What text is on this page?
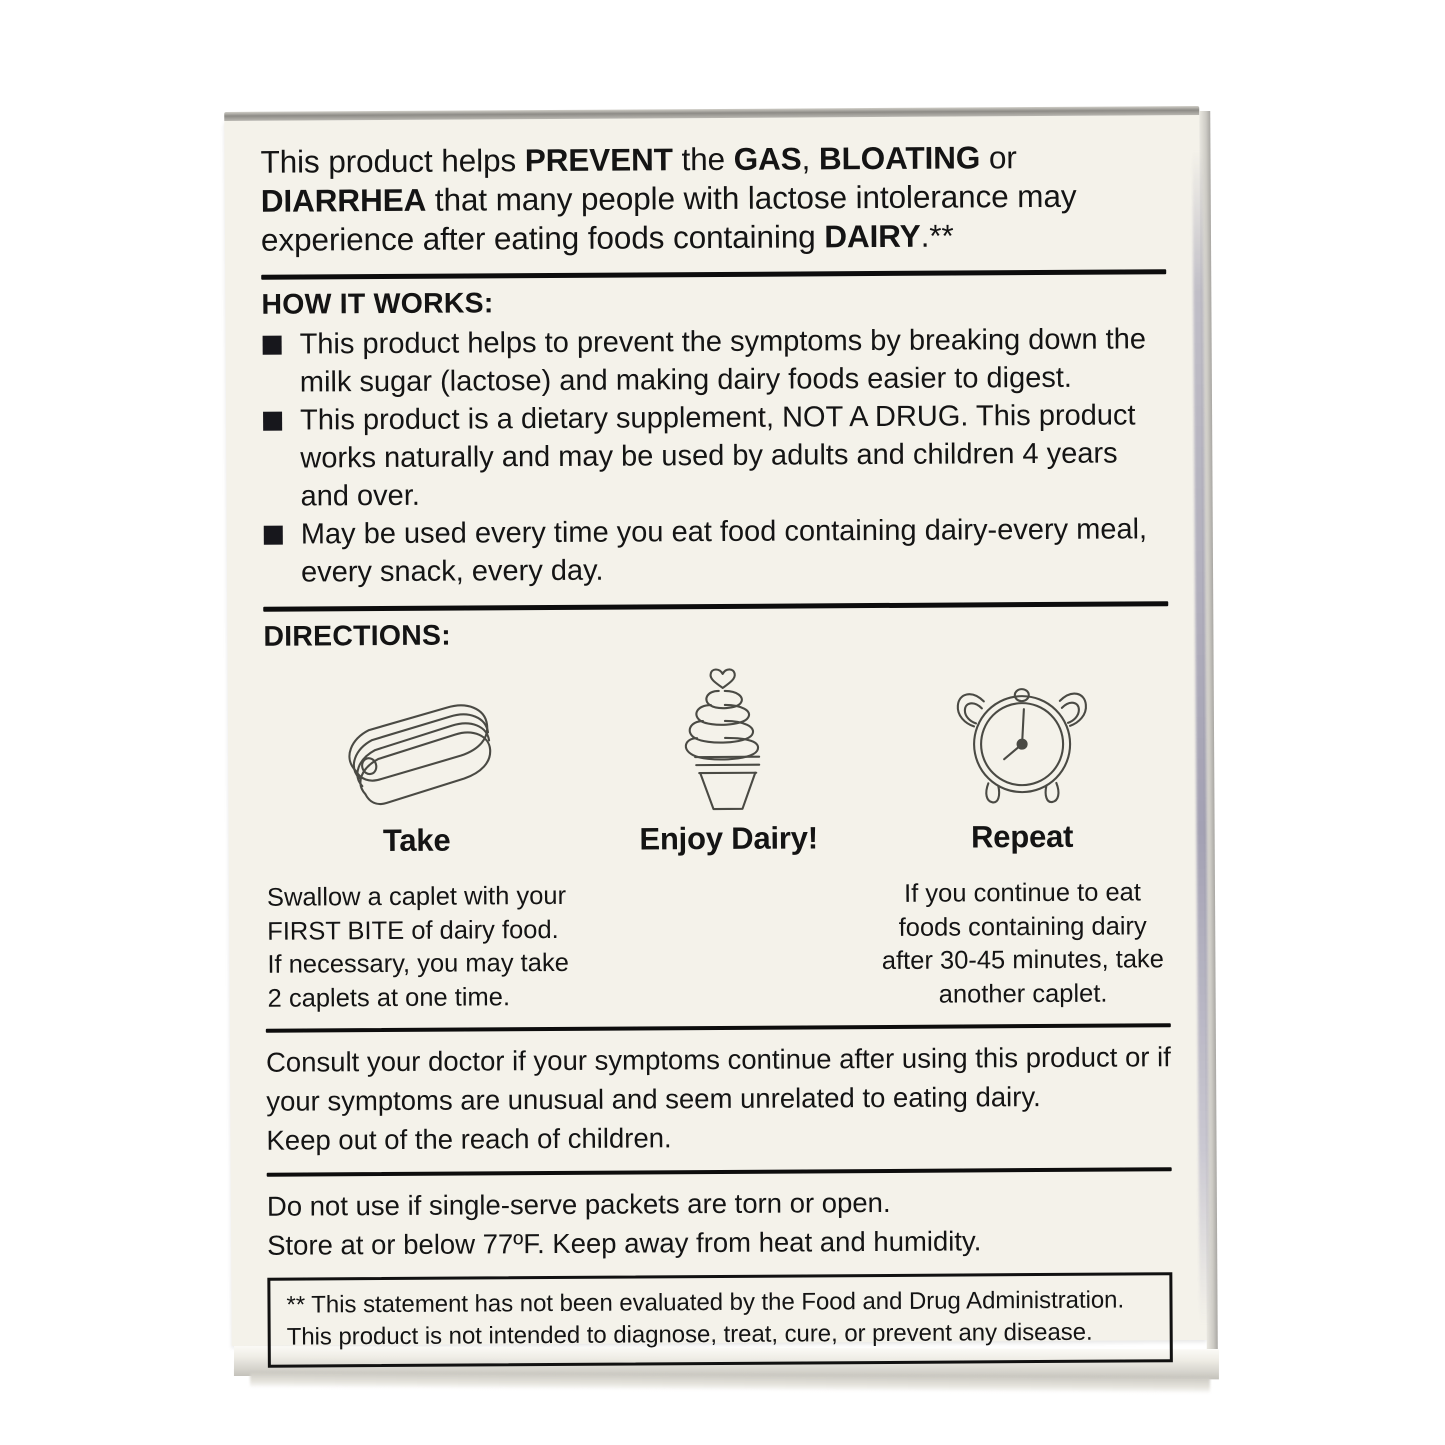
This product helps PREVENT the GAS, BLOATING or DIARRHEA that many people with lactose intolerance may experience after eating foods containing DAIRY.**

HOW IT WORKS:
This product helps to prevent the symptoms by breaking down the milk sugar (lactose) and making dairy foods easier to digest.
This product is a dietary supplement, NOT A DRUG. This product works naturally and may be used by adults and children 4 years and over.
May be used every time you eat food containing dairy-every meal, every snack, every day.
DIRECTIONS:
Take
Swallow a caplet with your FIRST BITE of dairy food. If necessary, you may take 2 caplets at one time.
Enjoy Dairy!	Repeat
If you continue to eat foods containing dairy after 30-45 minutes, take another caplet.
Consult your doctor if your symptoms continue after using this product or if your symptoms are unusual and seem unrelated to eating dairy.
Keep out of the reach of children.
Do not use if single-serve packets are torn or open.
Store at or below 77ºF. Keep away from heat and humidity.

** This statement has not been evaluated by the Food and Drug Administration.

This product is not intended to diagnose, treat, cure, or prevent any disease.
